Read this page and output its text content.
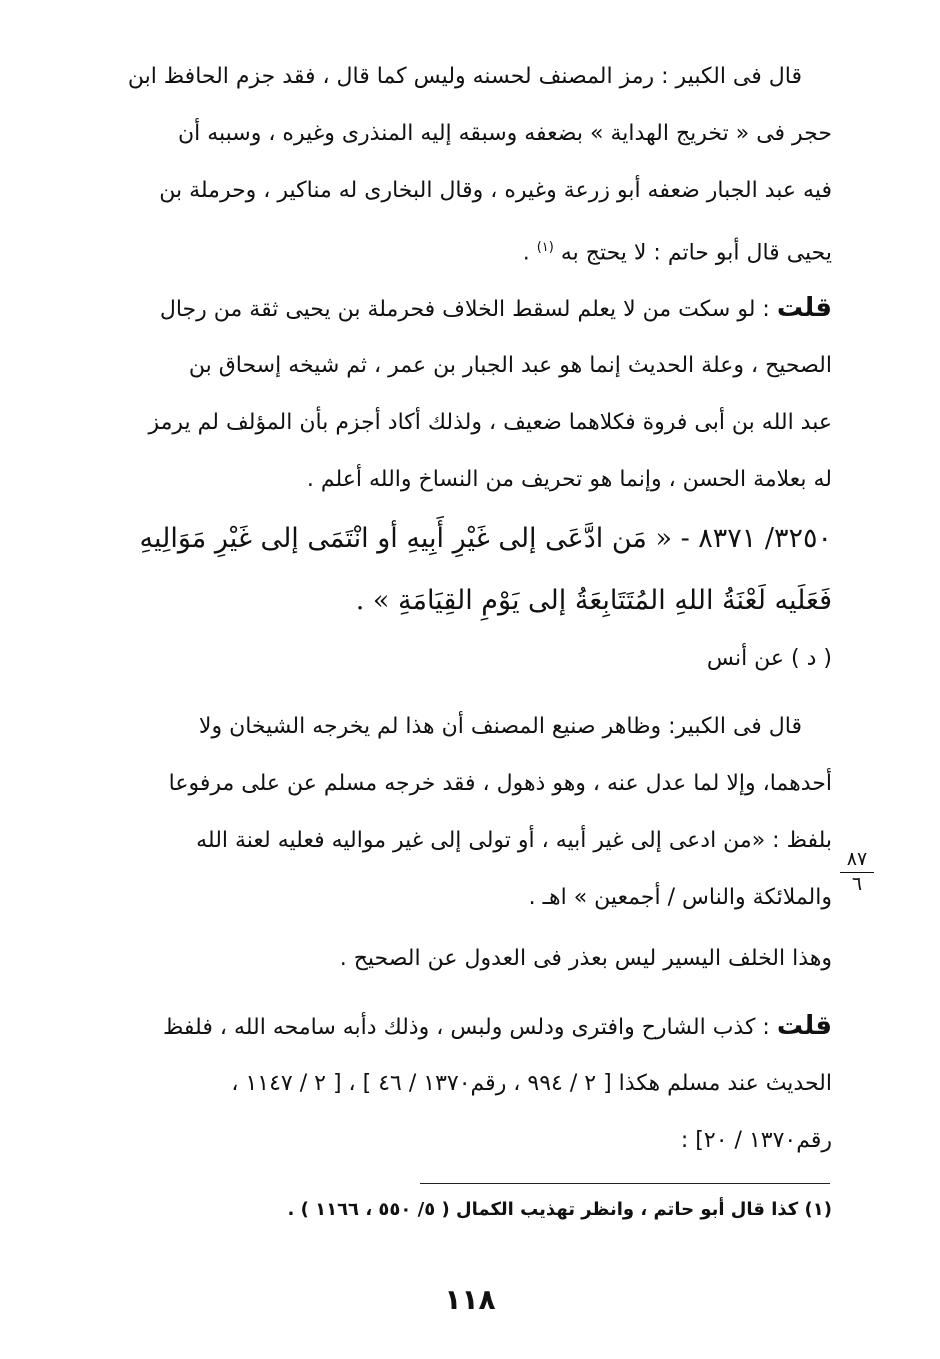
قال فى الكبير : رمز المصنف لحسنه وليس كما قال ، فقد جزم الحافظ ابن
حجر فى « تخريج الهداية » بضعفه وسبقه إليه المنذرى وغيره ، وسببه أن
فيه عبد الجبار ضعفه أبو زرعة وغيره ، وقال البخارى له مناكير ، وحرملة بن
يحيى قال أبو حاتم : لا يحتج به $^{(١)}$ .
قلت : لو سكت من لا يعلم لسقط الخلاف فحرملة بن يحيى ثقة من رجال
الصحيح ، وعلة الحديث إنما هو عبد الجبار بن عمر ، ثم شيخه إسحاق بن
عبد الله بن أبى فروة فكلاهما ضعيف ، ولذلك أكاد أجزم بأن المؤلف لم يرمز
له بعلامة الحسن ، وإنما هو تحريف من النساخ والله أعلم .
٣٢٥٠/ ٨٣٧١ - « مَن ادَّعَى إلى غَيْرِ أَبِيهِ أو انْتَمَى إلى غَيْرِ مَوَالِيهِ
فَعَلَيه لَعْنَةُ اللهِ المُتَتَابِعَةُ إلى يَوْمِ القِيَامَةِ » .
( د ) عن أنس
قال فى الكبير: وظاهر صنيع المصنف أن هذا لم يخرجه الشيخان ولا
أحدهما، وإلا لما عدل عنه ، وهو ذهول ، فقد خرجه مسلم عن على مرفوعا
بلفظ : «من ادعى إلى غير أبيه ، أو تولى إلى غير مواليه فعليه لعنة الله
والملائكة والناس / أجمعين » اهـ .
٨٧
٦
وهذا الخلف اليسير ليس بعذر فى العدول عن الصحيح .
قلت : كذب الشارح وافترى ودلس ولبس ، وذلك دأبه سامحه الله ، فلفظ
الحديث عند مسلم هكذا [ ٢ / ٩٩٤ ، رقم١٣٧٠ / ٤٦ ] ، [ ٢ / ١١٤٧ ،
رقم١٣٧٠ / ٢٠] :
(١) كذا قال أبو حاتم ، وانظر تهذيب الكمال ( ٥/ ٥٥٠ ، ١١٦٦ ) .
١١٨
